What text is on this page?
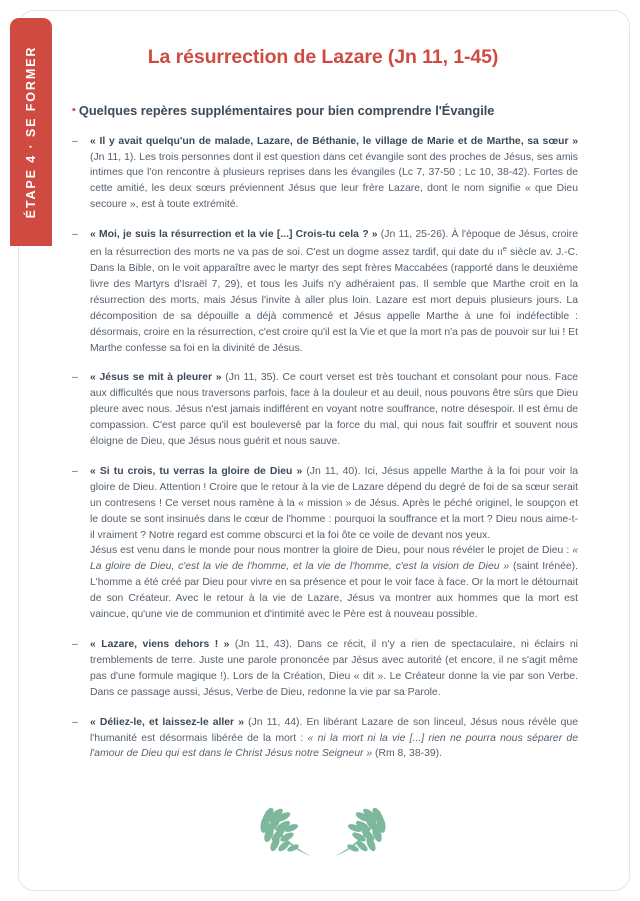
ÉTAPE 4 · SE FORMER	La résurrection de Lazare (Jn 11, 1-45)
▪ Quelques repères supplémentaires pour bien comprendre l'Évangile
– « Il y avait quelqu'un de malade, Lazare, de Béthanie, le village de Marie et de Marthe, sa sœur » (Jn 11, 1). Les trois personnes dont il est question dans cet évangile sont des proches de Jésus, ses amis intimes que l'on rencontre à plusieurs reprises dans les évangiles (Lc 7, 37-50 ; Lc 10, 38-42). Fortes de cette amitié, les deux sœurs préviennent Jésus que leur frère Lazare, dont le nom signifie « que Dieu secoure », est à toute extrémité.

– « Moi, je suis la résurrection et la vie [...] Crois-tu cela ? » (Jn 11, 25-26). À l'époque de Jésus, croire en la résurrection des morts ne va pas de soi. C'est un dogme assez tardif, qui date du $ıı^e$ siècle av. J.-C. Dans la Bible, on le voit apparaître avec le martyr des sept frères Maccabées (rapporté dans le deuxième livre des Martyrs d'Israël 7, 29), et tous les Juifs n'y adhéraient pas. Il semble que Marthe croit en la résurrection des morts, mais Jésus l'invite à aller plus loin. Lazare est mort depuis plusieurs jours. La décomposition de sa dépouille a déjà commencé et Jésus appelle Marthe à une foi indéfectible : désormais, croire en la résurrection, c'est croire qu'il est la Vie et que la mort n'a pas de pouvoir sur lui ! Et Marthe confesse sa foi en la divinité de Jésus.

– « Jésus se mit à pleurer » (Jn 11, 35). Ce court verset est très touchant et consolant pour nous. Face aux difficultés que nous traversons parfois, face à la douleur et au deuil, nous pouvons être sûrs que Dieu pleure avec nous. Jésus n'est jamais indifférent en voyant notre souffrance, notre désespoir. Il est ému de compassion. C'est parce qu'il est bouleversé par la force du mal, qui nous fait souffrir et souvent nous éloigne de Dieu, que Jésus nous guérit et nous sauve.

– « Si tu crois, tu verras la gloire de Dieu » (Jn 11, 40). Ici, Jésus appelle Marthe à la foi pour voir la gloire de Dieu. Attention ! Croire que le retour à la vie de Lazare dépend du degré de foi de sa sœur serait un contresens ! Ce verset nous ramène à la « mission » de Jésus. Après le péché originel, le soupçon et le doute se sont insinués dans le cœur de l'homme : pourquoi la souffrance et la mort ? Dieu nous aime-t-il vraiment ? Notre regard est comme obscurci et la foi ôte ce voile de devant nos yeux.

Jésus est venu dans le monde pour nous montrer la gloire de Dieu, pour nous révéler le projet de Dieu : « La gloire de Dieu, c'est la vie de l'homme, et la vie de l'homme, c'est la vision de Dieu » (saint Irénée). L'homme a été créé par Dieu pour vivre en sa présence et pour le voir face à face. Or la mort le détournait de son Créateur. Avec le retour à la vie de Lazare, Jésus va montrer aux hommes que la mort est vaincue, qu'une vie de communion et d'intimité avec le Père est à nouveau possible.

– « Lazare, viens dehors ! » (Jn 11, 43). Dans ce récit, il n'y a rien de spectaculaire, ni éclairs ni tremblements de terre. Juste une parole prononcée par Jésus avec autorité (et encore, il ne s'agit même pas d'une formule magique !). Lors de la Création, Dieu « dit ». Le Créateur donne la vie par son Verbe. Dans ce passage aussi, Jésus, Verbe de Dieu, redonne la vie par sa Parole.

– « Déliez-le, et laissez-le aller » (Jn 11, 44). En libérant Lazare de son linceul, Jésus nous révèle que l'humanité est désormais libérée de la mort : « ni la mort ni la vie [...] rien ne pourra nous séparer de l'amour de Dieu qui est dans le Christ Jésus notre Seigneur » (Rm 8, 38-39).
